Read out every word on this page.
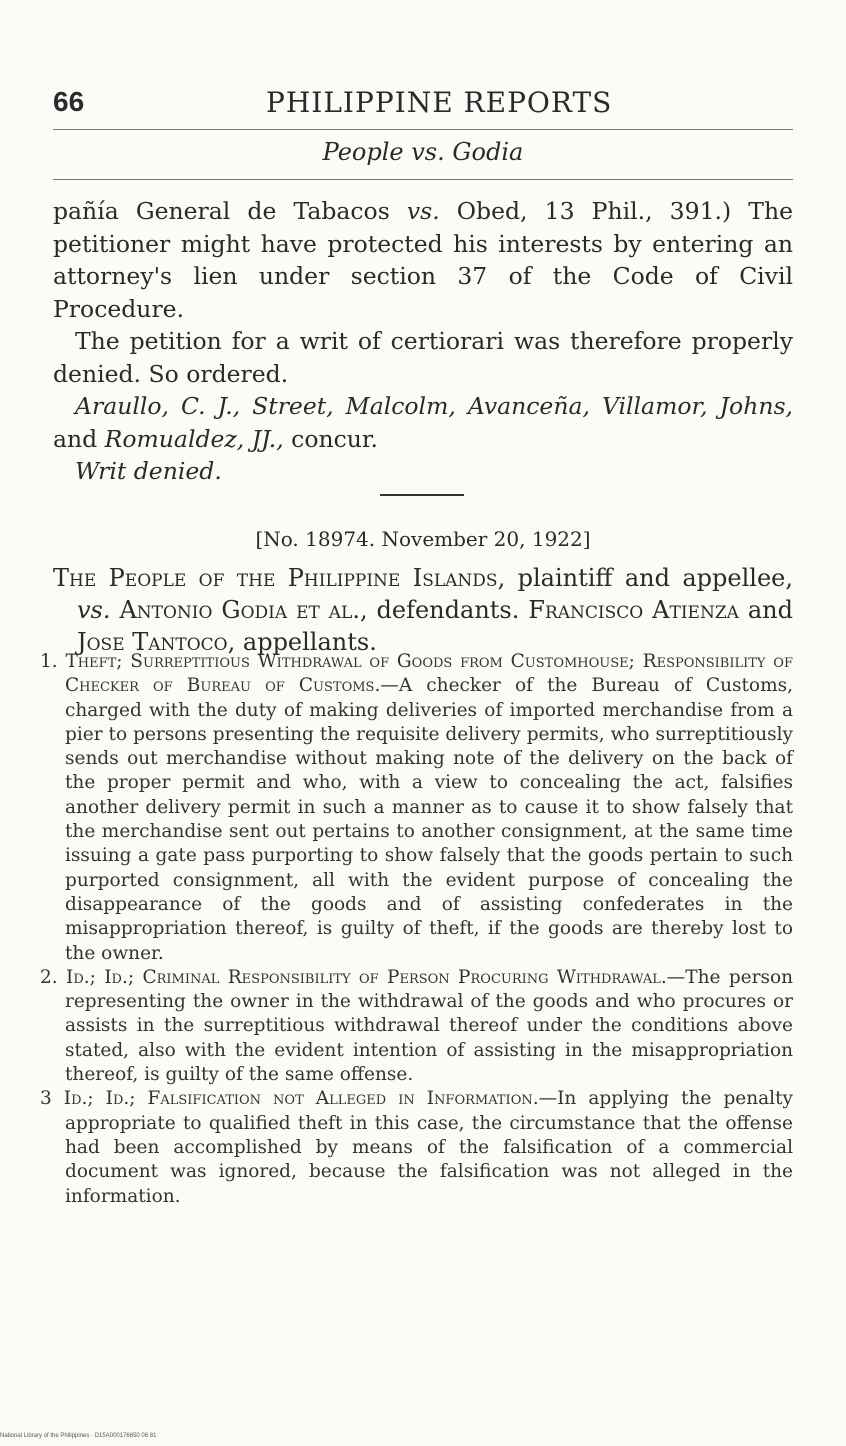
66	PHILIPPINE REPORTS
People vs. Godia

pañía General de Tabacos vs. Obed, 13 Phil., 391.) The petitioner might have protected his interests by entering an attorney's lien under section 37 of the Code of Civil Procedure.

The petition for a writ of certiorari was therefore properly denied. So ordered.

Araullo, C. J., Street, Malcolm, Avanceña, Villamor, Johns, and Romualdez, JJ., concur.

Writ denied.

[No. 18974. November 20, 1922]

The People of the Philippine Islands, plaintiff and appellee, vs. Antonio Godia et al., defendants. Francisco Atienza and Jose Tantoco, appellants.

1. Theft; Surreptitious Withdrawal of Goods from Customhouse; Responsibility of Checker of Bureau of Customs.—A checker of the Bureau of Customs, charged with the duty of making deliveries of imported merchandise from a pier to persons presenting the requisite delivery permits, who surreptitiously sends out merchandise without making note of the delivery on the back of the proper permit and who, with a view to concealing the act, falsifies another delivery permit in such a manner as to cause it to show falsely that the merchandise sent out pertains to another consignment, at the same time issuing a gate pass purporting to show falsely that the goods pertain to such purported consignment, all with the evident purpose of concealing the disappearance of the goods and of assisting confederates in the misappropriation thereof, is guilty of theft, if the goods are thereby lost to the owner.

2. Id.; Id.; Criminal Responsibility of Person Procuring Withdrawal.—The person representing the owner in the withdrawal of the goods and who procures or assists in the surreptitious withdrawal thereof under the conditions above stated, also with the evident intention of assisting in the misappropriation thereof, is guilty of the same offense.

3 Id.; Id.; Falsification not Alleged in Information.—In applying the penalty appropriate to qualified theft in this case, the circumstance that the offense had been accomplished by means of the falsification of a commercial document was ignored, because the falsification was not alleged in the information.

National Library of the Philippines · D15A000176650 08 81
